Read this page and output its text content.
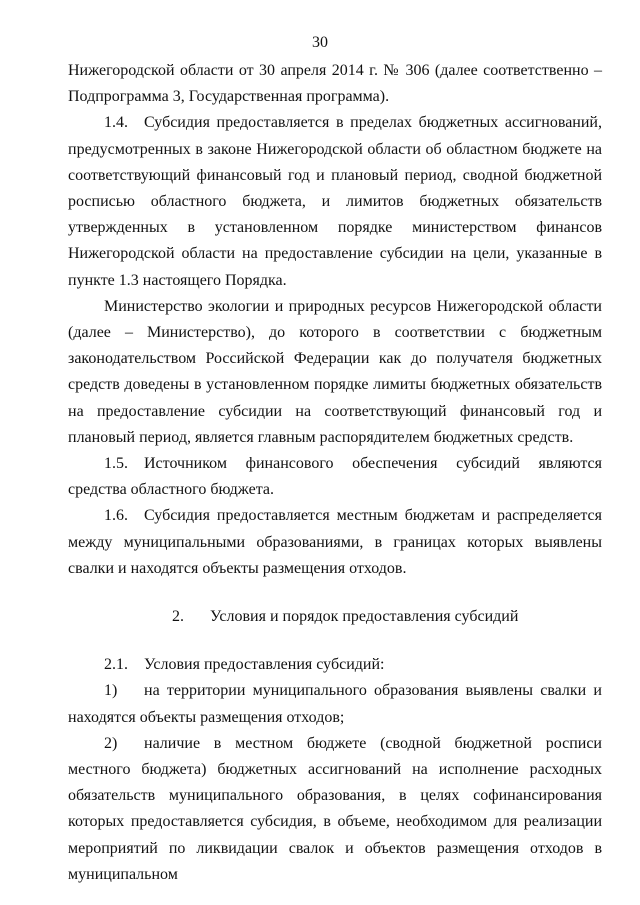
30

Нижегородской области от 30 апреля 2014 г. № 306 (далее соответственно – Подпрограмма 3, Государственная программа).

1.4. Субсидия предоставляется в пределах бюджетных ассигнований, предусмотренных в законе Нижегородской области об областном бюджете на соответствующий финансовый год и плановый период, сводной бюджетной росписью областного бюджета, и лимитов бюджетных обязательств утвержденных в установленном порядке министерством финансов Нижегородской области на предоставление субсидии на цели, указанные в пункте 1.3 настоящего Порядка.

Министерство экологии и природных ресурсов Нижегородской области (далее – Министерство), до которого в соответствии с бюджетным законодательством Российской Федерации как до получателя бюджетных средств доведены в установленном порядке лимиты бюджетных обязательств на предоставление субсидии на соответствующий финансовый год и плановый период, является главным распорядителем бюджетных средств.

1.5. Источником финансового обеспечения субсидий являются средства областного бюджета.

1.6. Субсидия предоставляется местным бюджетам и распределяется между муниципальными образованиями, в границах которых выявлены свалки и находятся объекты размещения отходов.

2. Условия и порядок предоставления субсидий

2.1. Условия предоставления субсидий:

1) на территории муниципального образования выявлены свалки и находятся объекты размещения отходов;

2) наличие в местном бюджете (сводной бюджетной росписи местного бюджета) бюджетных ассигнований на исполнение расходных обязательств муниципального образования, в целях софинансирования которых предоставляется субсидия, в объеме, необходимом для реализации мероприятий по ликвидации свалок и объектов размещения отходов в муниципальном
